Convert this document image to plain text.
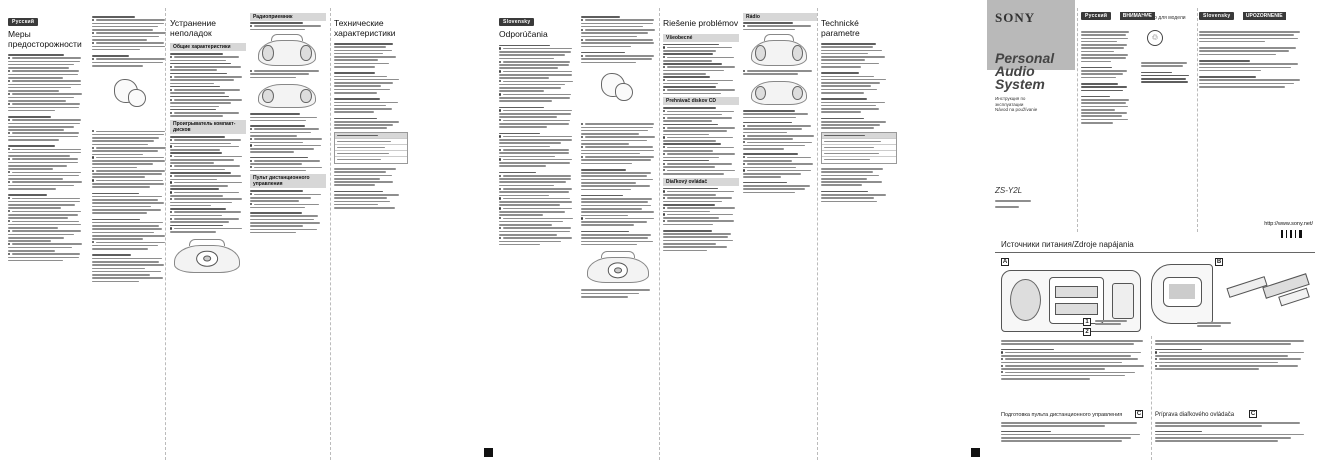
Русский
Меры предосторожности
Устранение неполадок
Общие характеристики
Проигрыватель компакт-дисков
Радиоприемник
Пульт дистанционного управления
Технические характеристики
Slovensky
Odporúčania
Riešenie problémov
Všeobecné
Prehrávač diskov CD
Diaľkový ovládač
Rádio
Technické parametre
SONY
Personal
Audio
System
Инструкция по
эксплуатации
Návod na používanie
ZS-Y2L
Русский	ВНИМАНИЕ
Только для модели
♲
Slovensky	UPOZORNENIE
http://www.sony.net/
Источники питания/Zdroje napájania
A
1
2
B
Подготовка пульта дистанционного управления	C	Príprava diaľkového ovládača	C
